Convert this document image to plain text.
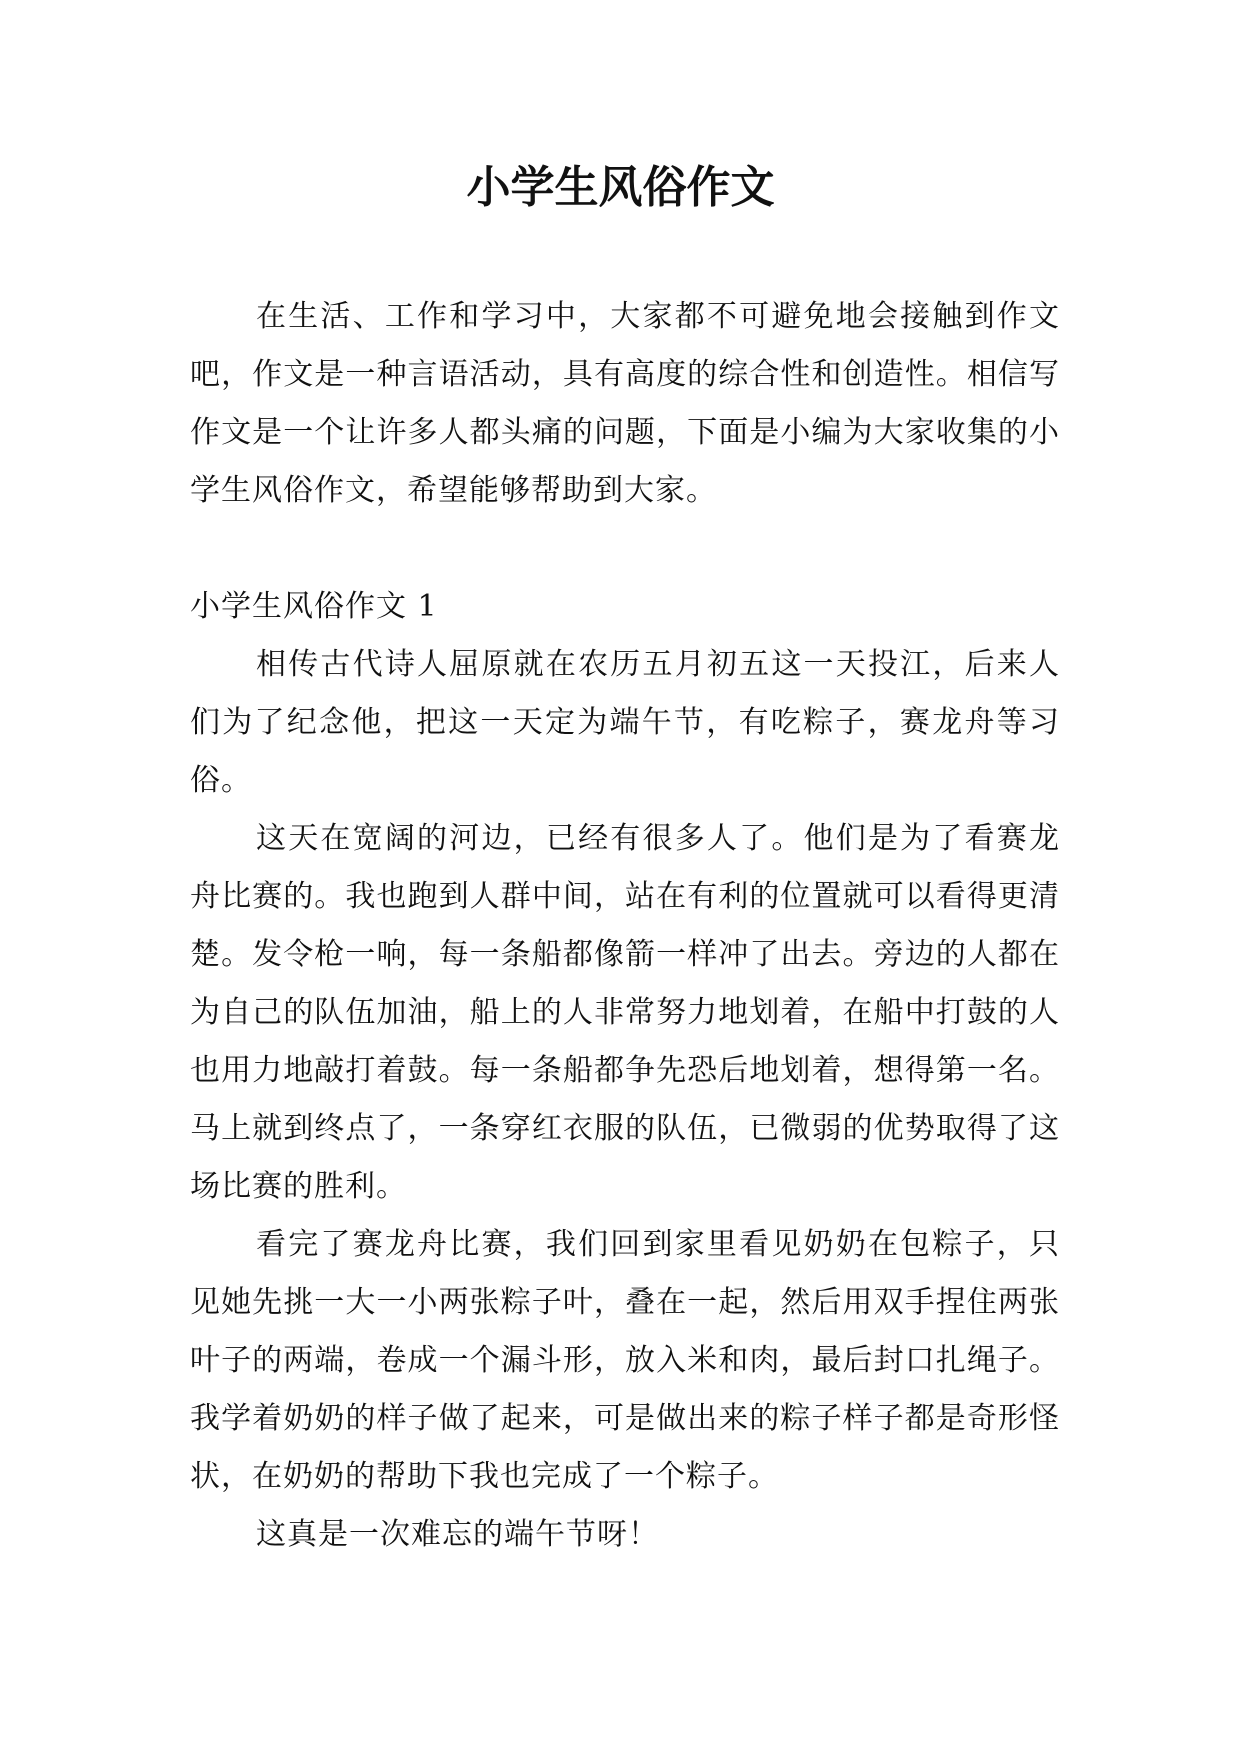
小学生风俗作文

在生活、工作和学习中，大家都不可避免地会接触到作文吧，作文是一种言语活动，具有高度的综合性和创造性。相信写作文是一个让许多人都头痛的问题，下面是小编为大家收集的小学生风俗作文，希望能够帮助到大家。

小学生风俗作文 1

相传古代诗人屈原就在农历五月初五这一天投江，后来人们为了纪念他，把这一天定为端午节，有吃粽子，赛龙舟等习俗。

这天在宽阔的河边，已经有很多人了。他们是为了看赛龙舟比赛的。我也跑到人群中间，站在有利的位置就可以看得更清楚。发令枪一响，每一条船都像箭一样冲了出去。旁边的人都在为自己的队伍加油，船上的人非常努力地划着，在船中打鼓的人也用力地敲打着鼓。每一条船都争先恐后地划着，想得第一名。马上就到终点了，一条穿红衣服的队伍，已微弱的优势取得了这场比赛的胜利。

看完了赛龙舟比赛，我们回到家里看见奶奶在包粽子，只见她先挑一大一小两张粽子叶，叠在一起，然后用双手捏住两张叶子的两端，卷成一个漏斗形，放入米和肉，最后封口扎绳子。我学着奶奶的样子做了起来，可是做出来的粽子样子都是奇形怪状，在奶奶的帮助下我也完成了一个粽子。

这真是一次难忘的端午节呀！
